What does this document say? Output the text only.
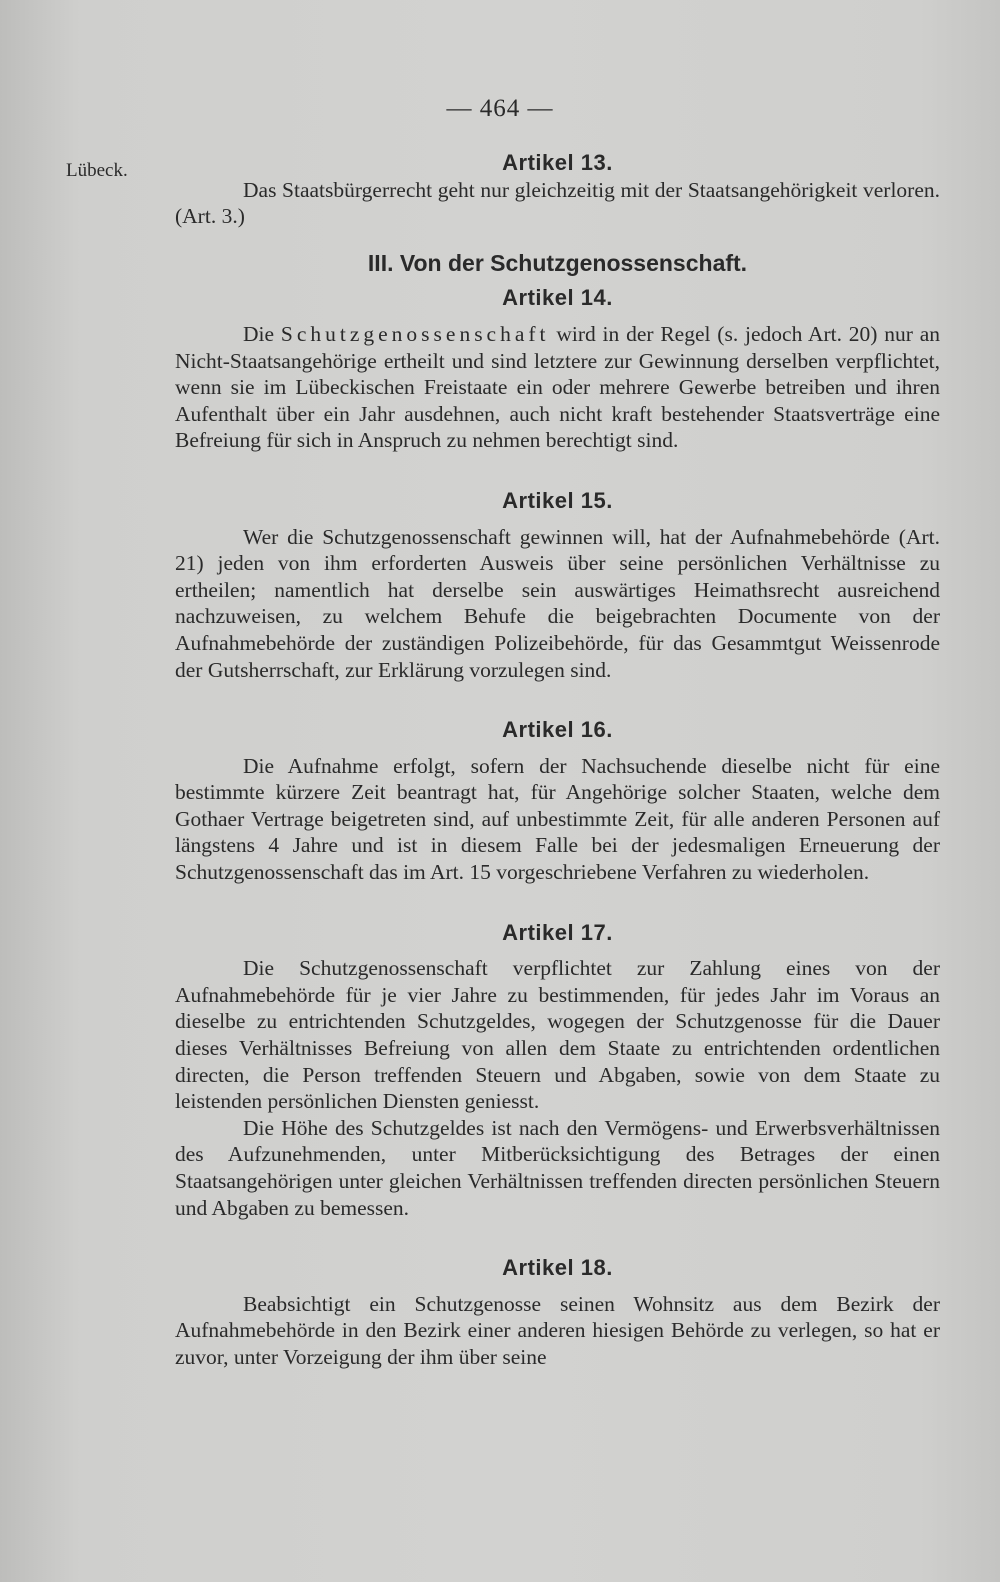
— 464 —
Lübeck.	Artikel 13.

Das Staatsbürgerrecht geht nur gleichzeitig mit der Staatsangehörigkeit verloren. (Art. 3.)

III. Von der Schutzgenossenschaft.
Artikel 14.

Die Schutzgenossenschaft wird in der Regel (s. jedoch Art. 20) nur an Nicht-Staatsangehörige ertheilt und sind letztere zur Gewinnung derselben verpflichtet, wenn sie im Lübeckischen Freistaate ein oder mehrere Gewerbe betreiben und ihren Aufenthalt über ein Jahr ausdehnen, auch nicht kraft bestehender Staatsverträge eine Befreiung für sich in Anspruch zu nehmen berechtigt sind.

Artikel 15.

Wer die Schutzgenossenschaft gewinnen will, hat der Aufnahmebehörde (Art. 21) jeden von ihm erforderten Ausweis über seine persönlichen Verhältnisse zu ertheilen; namentlich hat derselbe sein auswärtiges Heimathsrecht ausreichend nachzuweisen, zu welchem Behufe die beigebrachten Documente von der Aufnahmebehörde der zuständigen Polizeibehörde, für das Gesammtgut Weissenrode der Gutsherrschaft, zur Erklärung vorzulegen sind.

Artikel 16.

Die Aufnahme erfolgt, sofern der Nachsuchende dieselbe nicht für eine bestimmte kürzere Zeit beantragt hat, für Angehörige solcher Staaten, welche dem Gothaer Vertrage beigetreten sind, auf unbestimmte Zeit, für alle anderen Personen auf längstens 4 Jahre und ist in diesem Falle bei der jedesmaligen Erneuerung der Schutzgenossenschaft das im Art. 15 vorgeschriebene Verfahren zu wiederholen.

Artikel 17.

Die Schutzgenossenschaft verpflichtet zur Zahlung eines von der Aufnahmebehörde für je vier Jahre zu bestimmenden, für jedes Jahr im Voraus an dieselbe zu entrichtenden Schutzgeldes, wogegen der Schutzgenosse für die Dauer dieses Verhältnisses Befreiung von allen dem Staate zu entrichtenden ordentlichen directen, die Person treffenden Steuern und Abgaben, sowie von dem Staate zu leistenden persönlichen Diensten geniesst.

Die Höhe des Schutzgeldes ist nach den Vermögens- und Erwerbsverhältnissen des Aufzunehmenden, unter Mitberücksichtigung des Betrages der einen Staatsangehörigen unter gleichen Verhältnissen treffenden directen persönlichen Steuern und Abgaben zu bemessen.

Artikel 18.

Beabsichtigt ein Schutzgenosse seinen Wohnsitz aus dem Bezirk der Aufnahmebehörde in den Bezirk einer anderen hiesigen Behörde zu verlegen, so hat er zuvor, unter Vorzeigung der ihm über seine
